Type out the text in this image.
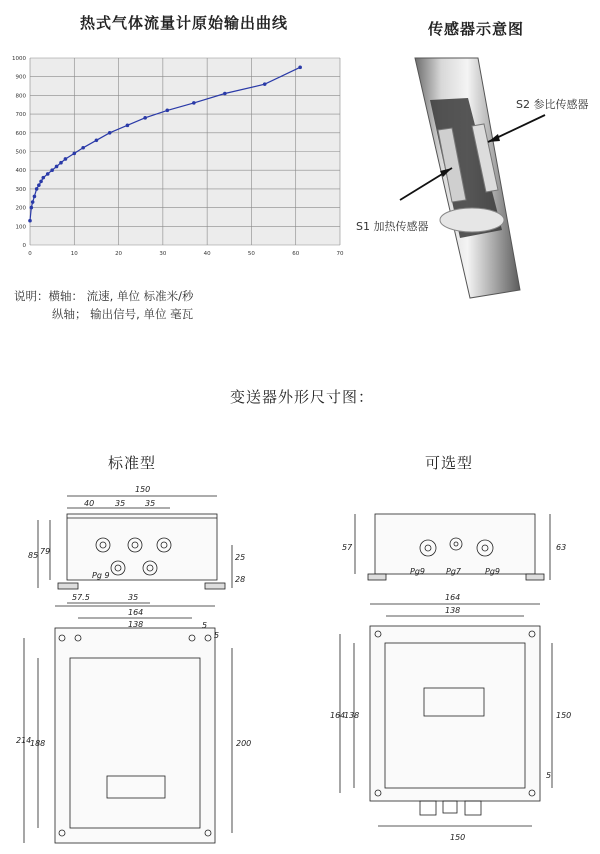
热式气体流量计原始输出曲线
0
100
200
300
400
500
600
700
800
900
1000
0	10	20	30	40	50	60	70
说明：横轴： 流速, 单位 标准米/秒
纵轴； 输出信号, 单位 毫瓦
传感器示意图
S2 参比传感器
S1 加热传感器
变送器外形尺寸图：
标准型	可选型
150
40	35 35
85 79
25
28
Pg 9
57.5	35
164
138	5
5
214
188	200
57	63
Pg9	Pg7	Pg9
164
138
164
138	150
5
150
